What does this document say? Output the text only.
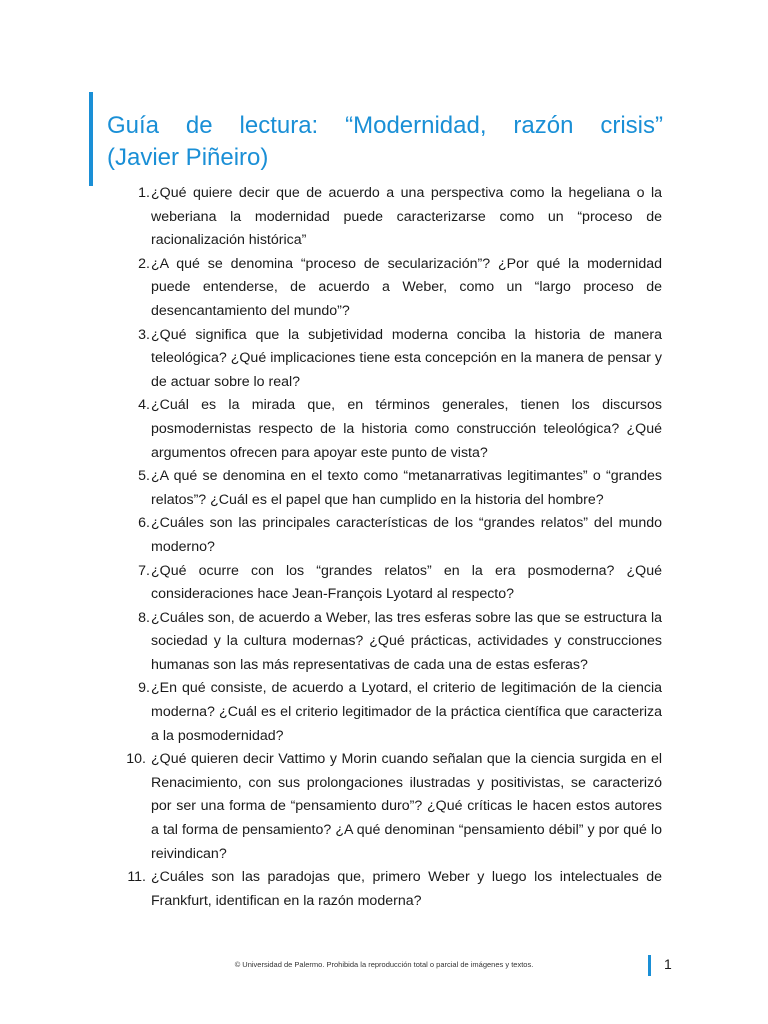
Guía de lectura: “Modernidad, razón crisis”
(Javier Piñeiro)
1. ¿Qué quiere decir que de acuerdo a una perspectiva como la hegeliana o la weberiana la modernidad puede caracterizarse como un “proceso de racionalización histórica”
2. ¿A qué se denomina “proceso de secularización”? ¿Por qué la modernidad puede entenderse, de acuerdo a Weber, como un “largo proceso de desencantamiento del mundo”?
3. ¿Qué significa que la subjetividad moderna conciba la historia de manera teleológica? ¿Qué implicaciones tiene esta concepción en la manera de pensar y de actuar sobre lo real?
4. ¿Cuál es la mirada que, en términos generales, tienen los discursos posmodernistas respecto de la historia como construcción teleológica? ¿Qué argumentos ofrecen para apoyar este punto de vista?
5. ¿A qué se denomina en el texto como “metanarrativas legitimantes” o “grandes relatos”? ¿Cuál es el papel que han cumplido en la historia del hombre?
6. ¿Cuáles son las principales características de los “grandes relatos” del mundo moderno?
7. ¿Qué ocurre con los “grandes relatos” en la era posmoderna? ¿Qué consideraciones hace Jean-François Lyotard al respecto?
8. ¿Cuáles son, de acuerdo a Weber, las tres esferas sobre las que se estructura la sociedad y la cultura modernas? ¿Qué prácticas, actividades y construcciones humanas son las más representativas de cada una de estas esferas?
9. ¿En qué consiste, de acuerdo a Lyotard, el criterio de legitimación de la ciencia moderna? ¿Cuál es el criterio legitimador de la práctica científica que caracteriza a la posmodernidad?
10. ¿Qué quieren decir Vattimo y Morin cuando señalan que la ciencia surgida en el Renacimiento, con sus prolongaciones ilustradas y positivistas, se caracterizó por ser una forma de “pensamiento duro”? ¿Qué críticas le hacen estos autores a tal forma de pensamiento? ¿A qué denominan “pensamiento débil” y por qué lo reivindican?
11. ¿Cuáles son las paradojas que, primero Weber y luego los intelectuales de Frankfurt, identifican en la razón moderna?
© Universidad de Palermo. Prohibida la reproducción total o parcial de imágenes y textos.	1
